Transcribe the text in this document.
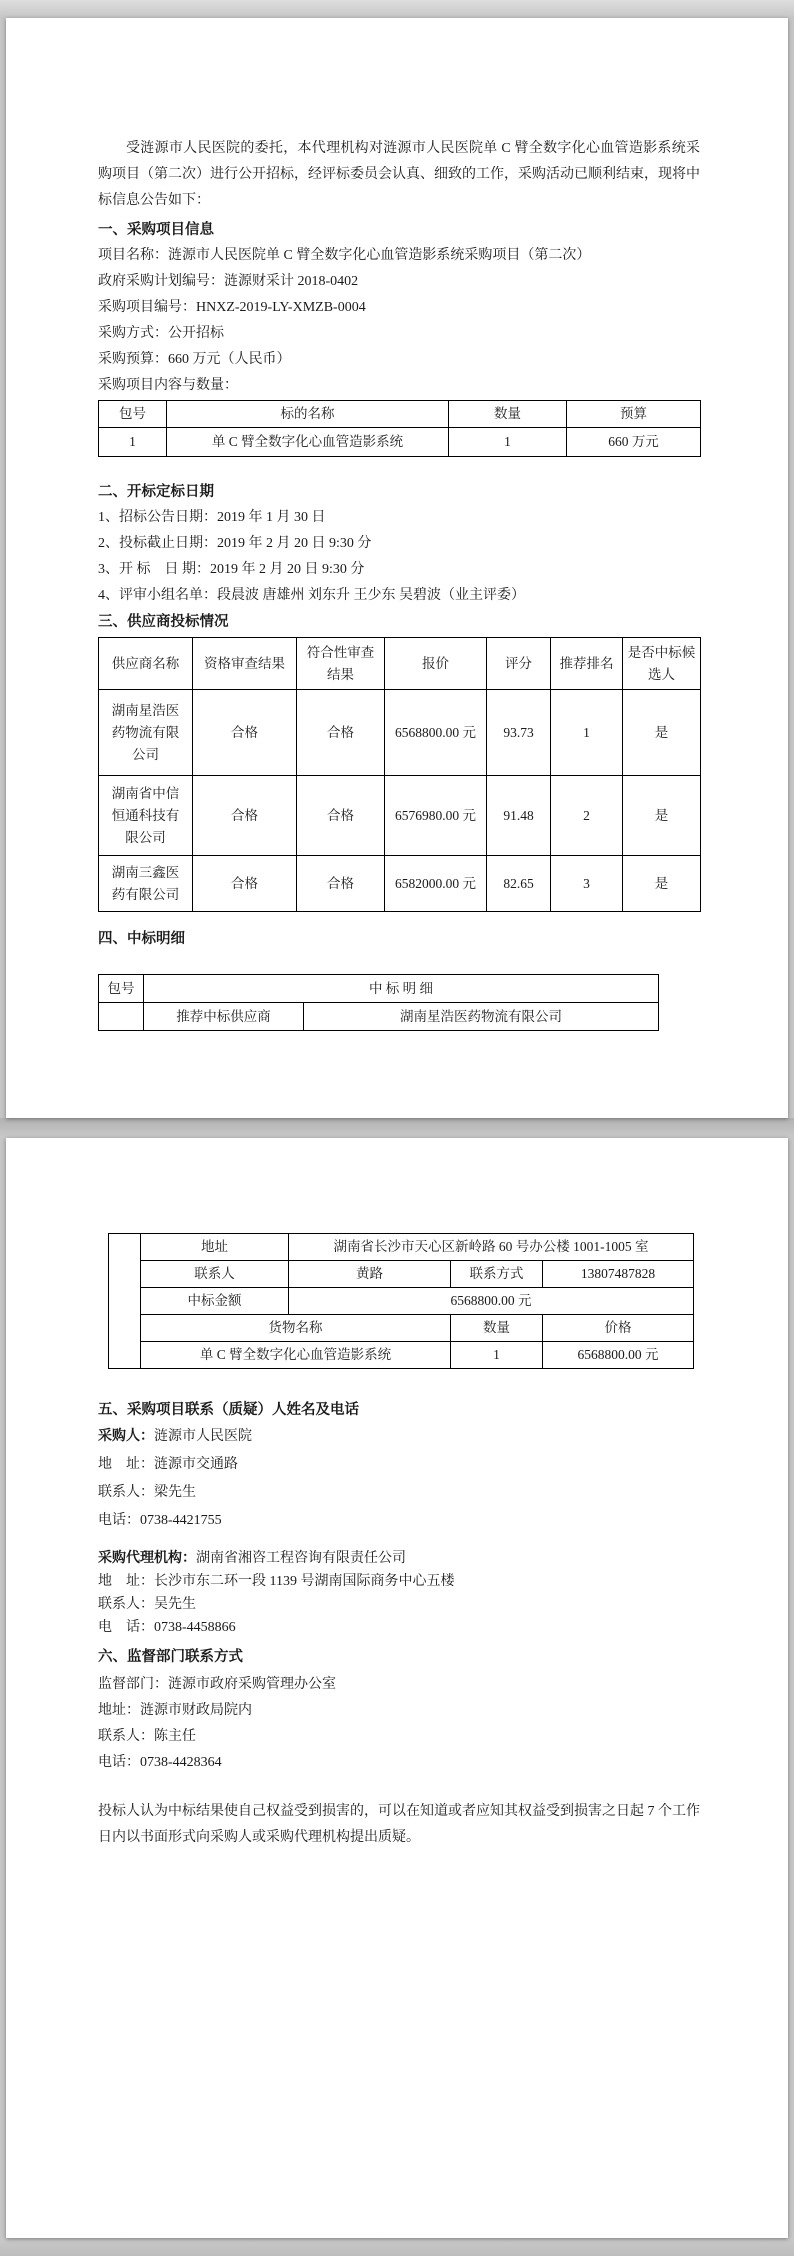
受涟源市人民医院的委托，本代理机构对涟源市人民医院单 C 臂全数字化心血管造影系统采购项目（第二次）进行公开招标，经评标委员会认真、细致的工作，采购活动已顺利结束，现将中标信息公告如下：

一、采购项目信息
项目名称：涟源市人民医院单 C 臂全数字化心血管造影系统采购项目（第二次）
政府采购计划编号：涟源财采计 2018-0402
采购项目编号：HNXZ-2019-LY-XMZB-0004
采购方式：公开招标
采购预算：660 万元（人民币）
采购项目内容与数量：
包号	标的名称	数量	预算
1	单 C 臂全数字化心血管造影系统	1	660 万元
二、开标定标日期
1、招标公告日期：2019 年 1 月 30 日
2、投标截止日期：2019 年 2 月 20 日 9:30 分
3、开 标　日 期：2019 年 2 月 20 日 9:30 分
4、评审小组名单：段晨波 唐雄州 刘东升 王少东 吴碧波（业主评委）
三、供应商投标情况
供应商名称	资格审查结果	符合性审查结果	报价	评分	推荐排名	是否中标候选人
湖南星浩医药物流有限公司	合格	合格	6568800.00 元	93.73	1	是
湖南省中信恒通科技有限公司	合格	合格	6576980.00 元	91.48	2	是
湖南三鑫医药有限公司	合格	合格	6582000.00 元	82.65	3	是
四、中标明细
包号	中 标 明 细	
	推荐中标供应商	湖南星浩医药物流有限公司
	地址	湖南省长沙市天心区新岭路 60 号办公楼 1001-1005 室		
	联系人	黄路	联系方式	13807487828
	中标金额	6568800.00 元		
	货物名称		数量	价格
	单 C 臂全数字化心血管造影系统		1	6568800.00 元
五、采购项目联系（质疑）人姓名及电话
采购人：涟源市人民医院
地　址：涟源市交通路
联系人：梁先生
电话：0738-4421755
采购代理机构：湖南省湘咨工程咨询有限责任公司
地　址：长沙市东二环一段 1139 号湖南国际商务中心五楼
联系人：吴先生
电　话：0738-4458866
六、监督部门联系方式
监督部门：涟源市政府采购管理办公室
地址：涟源市财政局院内
联系人：陈主任
电话：0738-4428364

投标人认为中标结果使自己权益受到损害的，可以在知道或者应知其权益受到损害之日起 7 个工作日内以书面形式向采购人或采购代理机构提出质疑。
